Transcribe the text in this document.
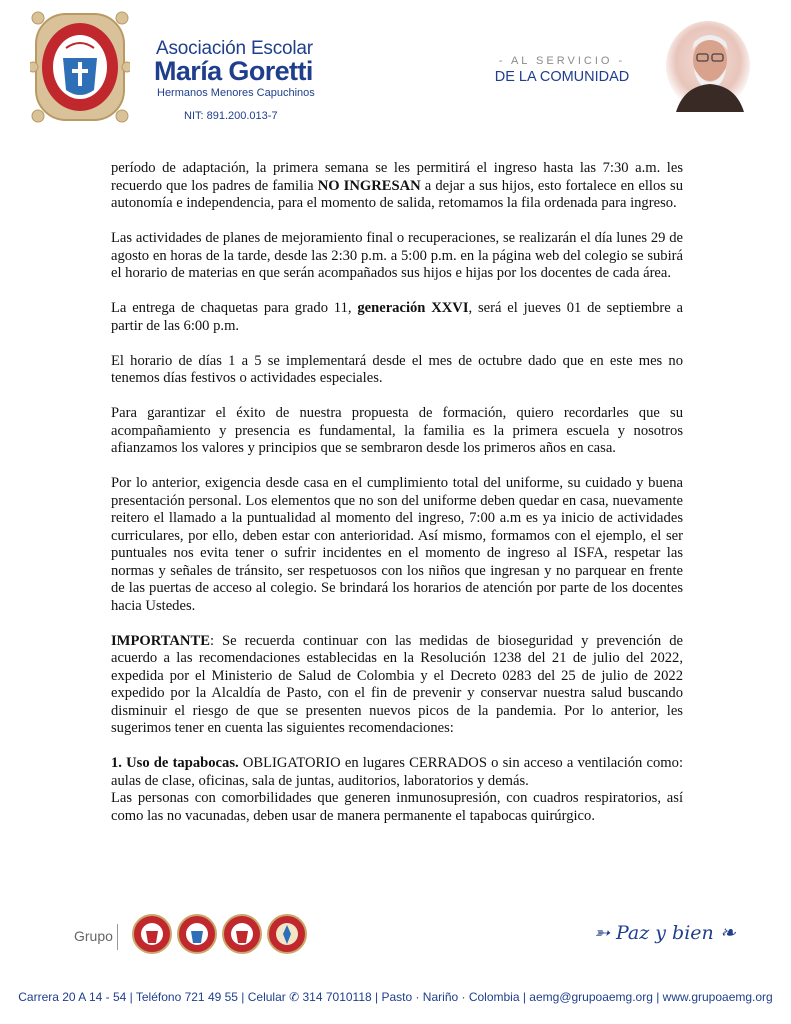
Asociación Escolar
María Goretti
Hermanos Menores Capuchinos
NIT: 891.200.013-7
- AL SERVICIO -
DE LA COMUNIDAD

período de adaptación, la primera semana se les permitirá el ingreso hasta las 7:30 a.m. les recuerdo que los padres de familia NO INGRESAN a dejar a sus hijos, esto fortalece en ellos su autonomía e independencia, para el momento de salida, retomamos la fila ordenada para ingreso.

Las actividades de planes de mejoramiento final o recuperaciones, se realizarán el día lunes 29 de agosto en horas de la tarde, desde las 2:30 p.m. a 5:00 p.m. en la página web del colegio se subirá el horario de materias en que serán acompañados sus hijos e hijas por los docentes de cada área.

La entrega de chaquetas para grado 11, generación XXVI, será el jueves 01 de septiembre a partir de las 6:00 p.m.

El horario de días 1 a 5 se implementará desde el mes de octubre dado que en este mes no tenemos días festivos o actividades especiales.

Para garantizar el éxito de nuestra propuesta de formación, quiero recordarles que su acompañamiento y presencia es fundamental, la familia es la primera escuela y nosotros afianzamos los valores y principios que se sembraron desde los primeros años en casa.

Por lo anterior, exigencia desde casa en el cumplimiento total del uniforme, su cuidado y buena presentación personal. Los elementos que no son del uniforme deben quedar en casa, nuevamente reitero el llamado a la puntualidad al momento del ingreso, 7:00 a.m es ya inicio de actividades curriculares, por ello, deben estar con anterioridad. Así mismo, formamos con el ejemplo, el ser puntuales nos evita tener o sufrir incidentes en el momento de ingreso al ISFA, respetar las normas y señales de tránsito, ser respetuosos con los niños que ingresan y no parquear en frente de las puertas de acceso al colegio. Se brindará los horarios de atención por parte de los docentes hacia Ustedes.

IMPORTANTE: Se recuerda continuar con las medidas de bioseguridad y prevención de acuerdo a las recomendaciones establecidas en la Resolución 1238 del 21 de julio del 2022, expedida por el Ministerio de Salud de Colombia y el Decreto 0283 del 25 de julio de 2022 expedido por la Alcaldía de Pasto, con el fin de prevenir y conservar nuestra salud buscando disminuir el riesgo de que se presenten nuevos picos de la pandemia. Por lo anterior, les sugerimos tener en cuenta las siguientes recomendaciones:

1. Uso de tapabocas. OBLIGATORIO en lugares CERRADOS o sin acceso a ventilación como: aulas de clase, oficinas, sala de juntas, auditorios, laboratorios y demás.

Las personas con comorbilidades que generen inmunosupresión, con cuadros respiratorios, así como las no vacunadas, deben usar de manera permanente el tapabocas quirúrgico.

Grupo	➳ Paz y bien ❧
Carrera 20 A 14 - 54 | Teléfono 721 49 55 | Celular ✆ 314 7010118 | Pasto · Nariño · Colombia | aemg@grupoaemg.org | www.grupoaemg.org
